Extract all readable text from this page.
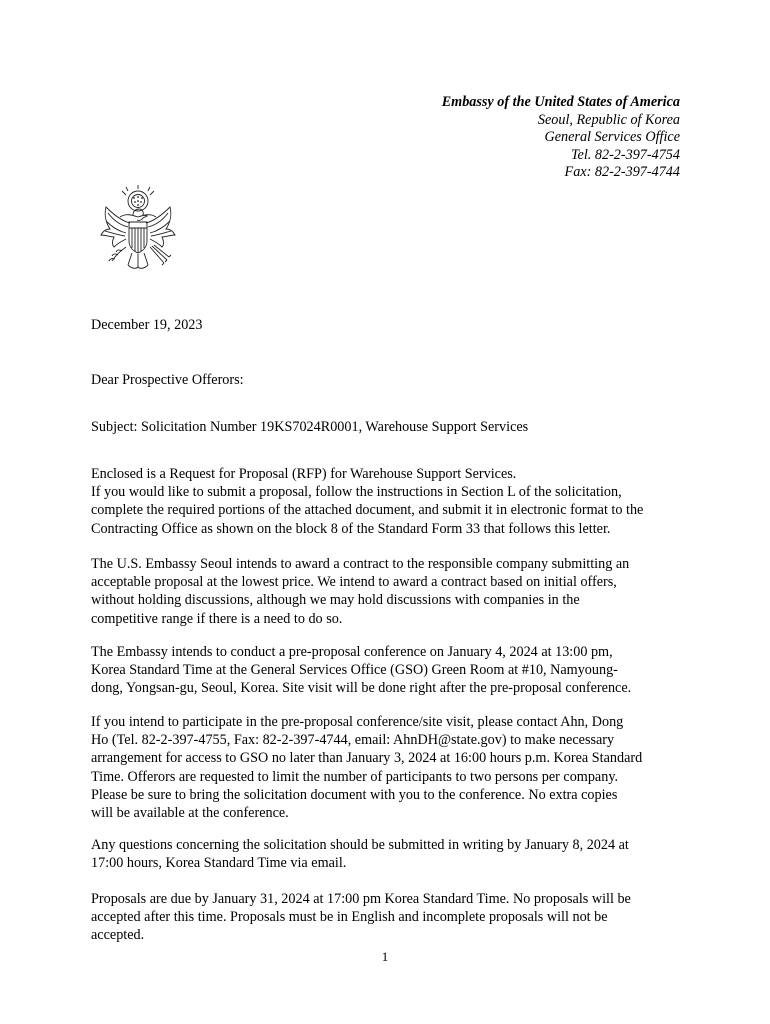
Embassy of the United States of America
Seoul, Republic of Korea
General Services Office
Tel. 82-2-397-4754
Fax: 82-2-397-4744

December 19, 2023

Dear Prospective Offerors:

Subject: Solicitation Number 19KS7024R0001, Warehouse Support Services

Enclosed is a Request for Proposal (RFP) for Warehouse Support Services.
If you would like to submit a proposal, follow the instructions in Section L of the solicitation,
complete the required portions of the attached document, and submit it in electronic format to the
Contracting Office as shown on the block 8 of the Standard Form 33 that follows this letter.
The U.S. Embassy Seoul intends to award a contract to the responsible company submitting an
acceptable proposal at the lowest price. We intend to award a contract based on initial offers,
without holding discussions, although we may hold discussions with companies in the
competitive range if there is a need to do so.
The Embassy intends to conduct a pre-proposal conference on January 4, 2024 at 13:00 pm,
Korea Standard Time at the General Services Office (GSO) Green Room at #10, Namyoung-
dong, Yongsan-gu, Seoul, Korea. Site visit will be done right after the pre-proposal conference.
If you intend to participate in the pre-proposal conference/site visit, please contact Ahn, Dong
Ho (Tel. 82-2-397-4755, Fax: 82-2-397-4744, email: AhnDH@state.gov) to make necessary
arrangement for access to GSO no later than January 3, 2024 at 16:00 hours p.m. Korea Standard
Time. Offerors are requested to limit the number of participants to two persons per company.
Please be sure to bring the solicitation document with you to the conference. No extra copies
will be available at the conference.
Any questions concerning the solicitation should be submitted in writing by January 8, 2024 at
17:00 hours, Korea Standard Time via email.
Proposals are due by January 31, 2024 at 17:00 pm Korea Standard Time. No proposals will be
accepted after this time. Proposals must be in English and incomplete proposals will not be
accepted.
1
